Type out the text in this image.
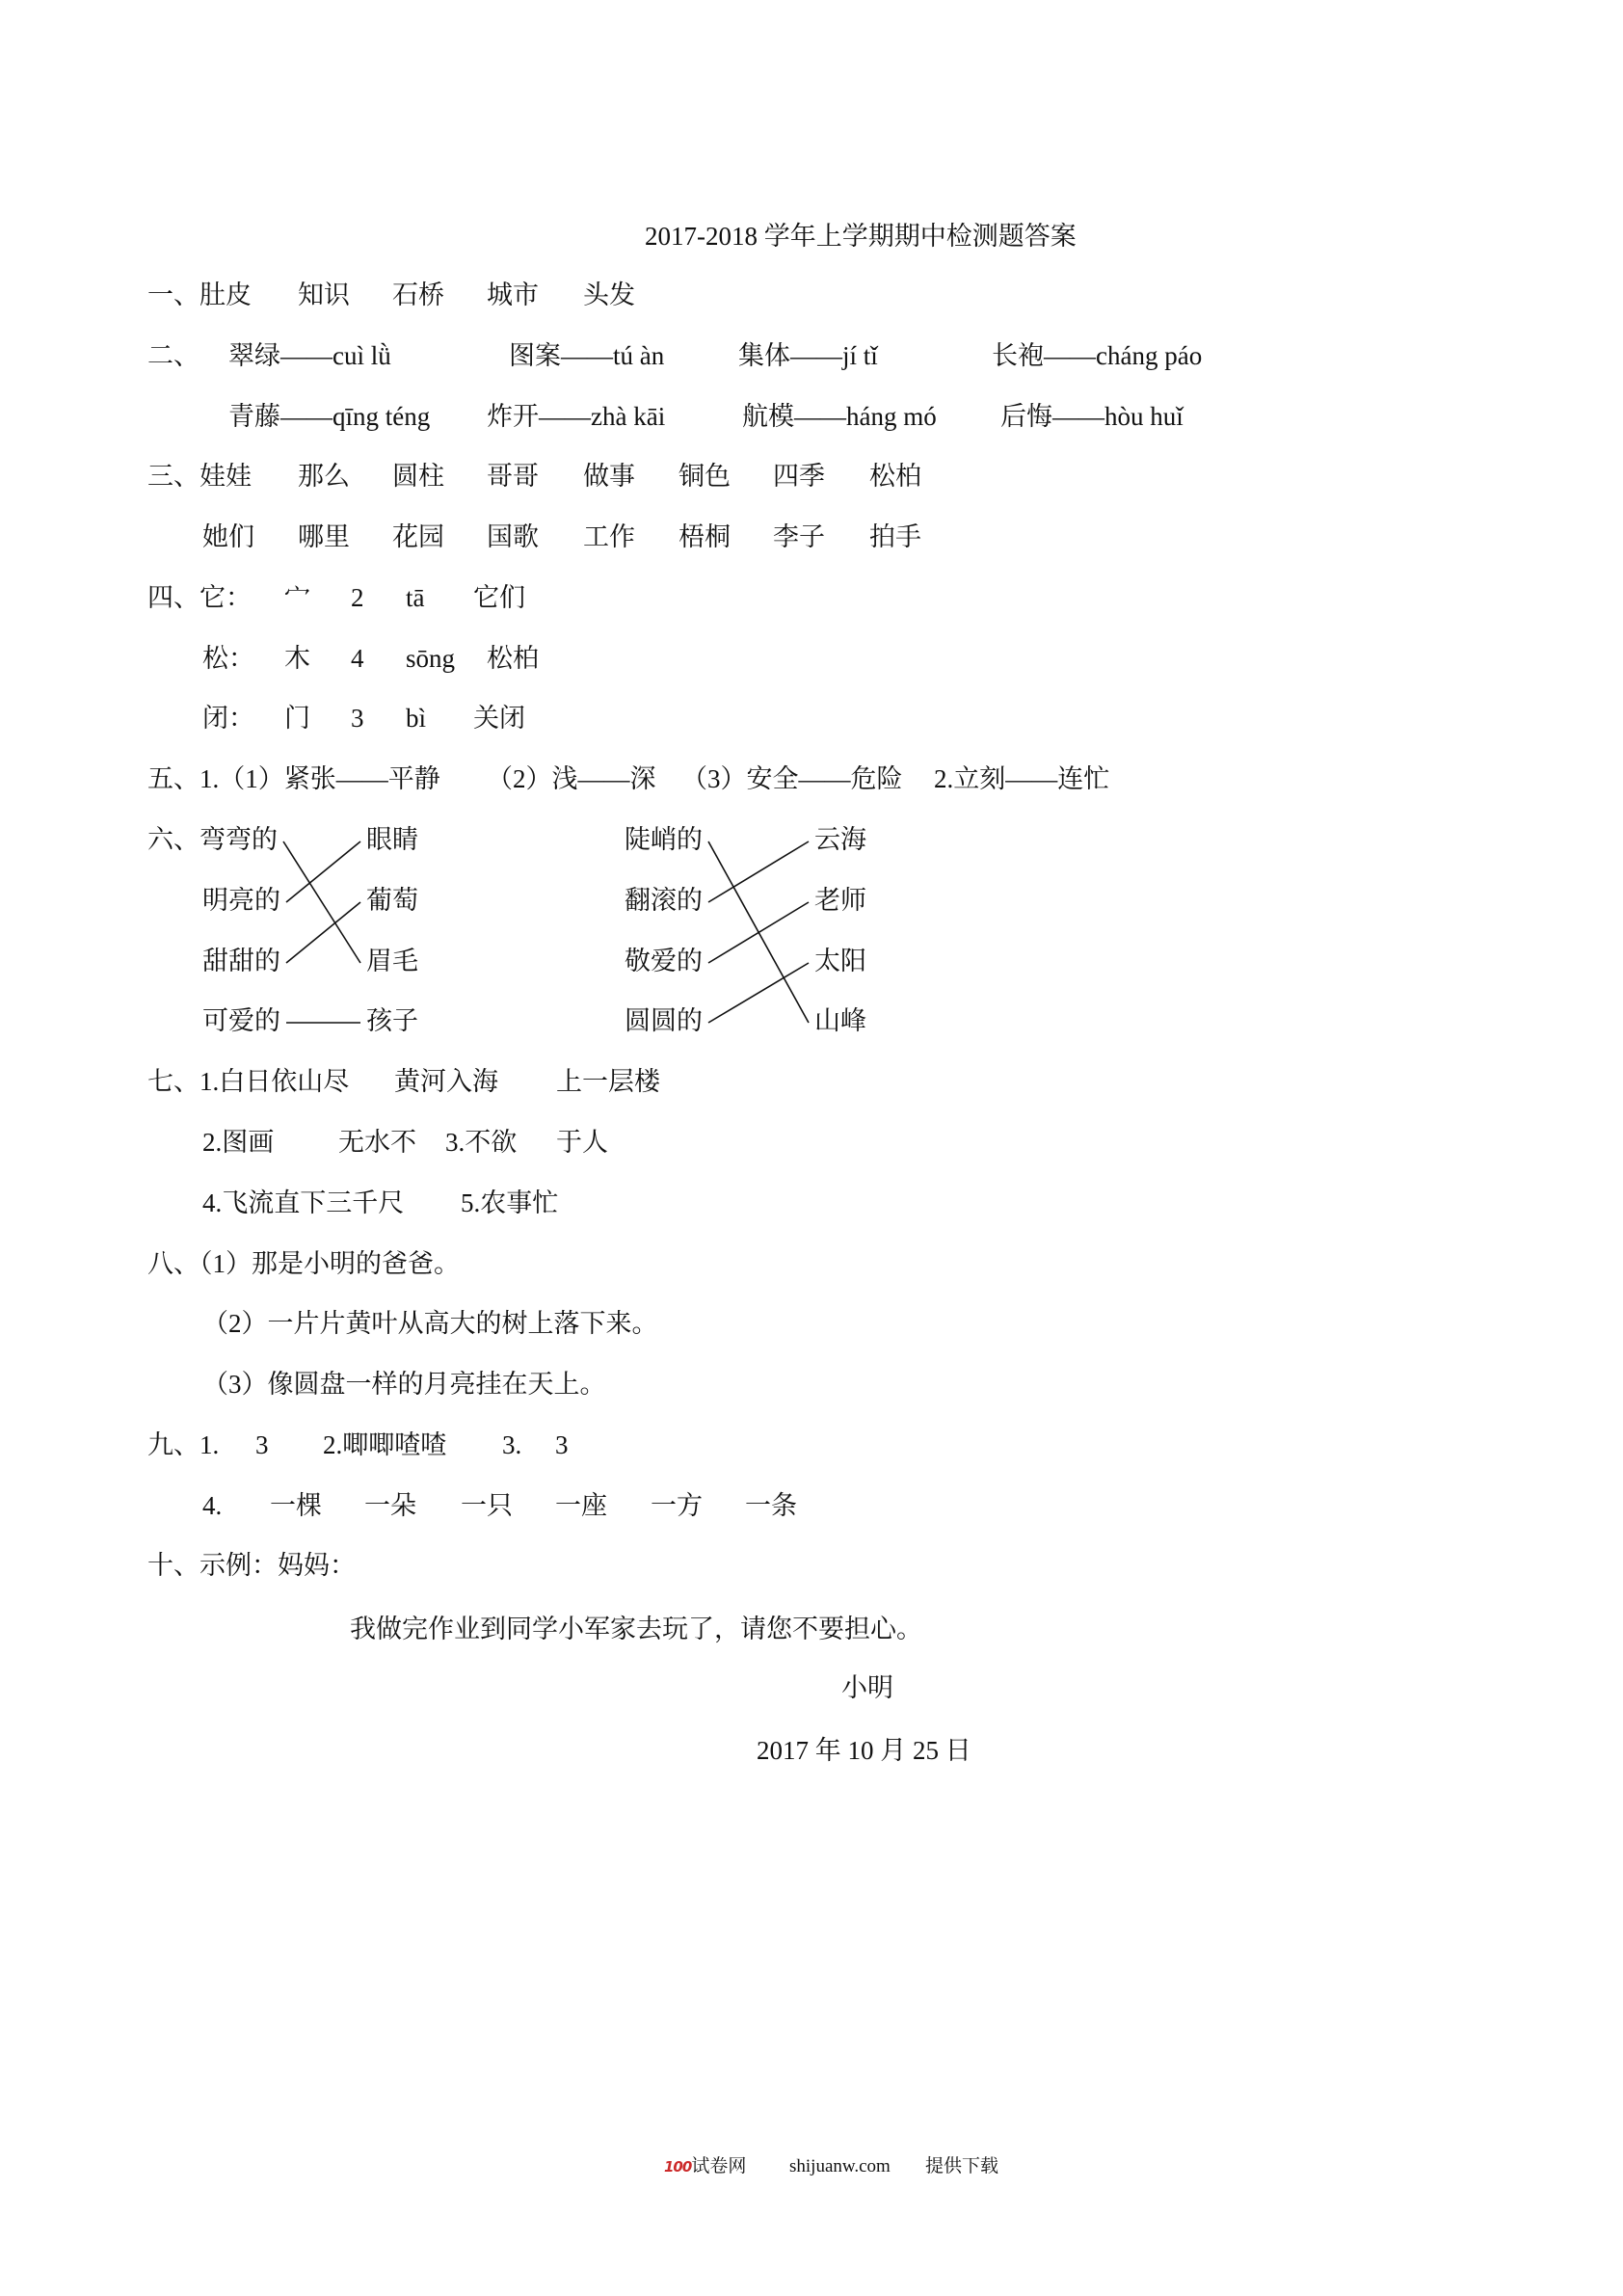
2017-2018 学年上学期期中检测题答案
一、肚皮 知识 石桥 城市 头发
二、 翠绿——cuì lǜ	图案——tú àn	集体——jí tǐ	长袍——cháng páo
青藤——qīng téng 炸开——zhà kāi	航模——háng mó 后悔——hòu huǐ
三、娃娃 那么 圆柱 哥哥 做事 铜色 四季 松柏
她们 哪里 花园 国歌 工作 梧桐 李子 拍手
四、它： 宀 2 tā 它们
松： 木 4 sōng 松柏
闭： 门 3 bì 关闭
五、1.（1）紧张——平静 （2）浅——深 （3）安全——危险 2.立刻——连忙
六、弯弯的	眼睛	陡峭的	云海
明亮的	葡萄	翻滚的	老师
甜甜的	眉毛	敬爱的	太阳
可爱的	孩子	圆圆的	山峰
七、1.白日依山尽 黄河入海 上一层楼
2.图画 无水不 3.不欲 于人
4.飞流直下三千尺 5.农事忙
八、（1）那是小明的爸爸。
（2）一片片黄叶从高大的树上落下来。
（3）像圆盘一样的月亮挂在天上。
九、1. 3 2.唧唧喳喳 3. 3
4. 一棵 一朵 一只 一座 一方 一条
十、示例：妈妈：
我做完作业到同学小军家去玩了，请您不要担心。
小明
2017 年 10 月 25 日
100试卷网 shijuanw.com 提供下载
